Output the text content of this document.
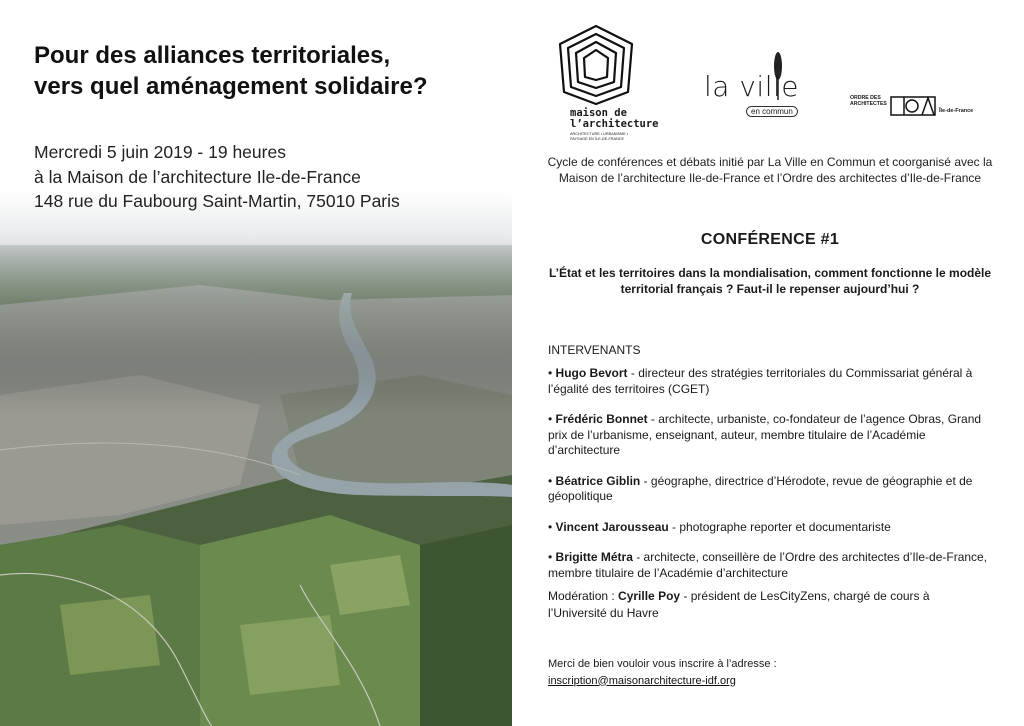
Pour des alliances territoriales,
vers quel aménagement solidaire?
Mercredi 5 juin 2019 - 19 heures
à la Maison de l’architecture Ile-de-France
148 rue du Faubourg Saint-Martin, 75010 Paris
maison de
l’architecture
ARCHITECTURE • URBANISME • PAYSAGE EN ÎLE-DE-FRANCE
la ville
en commun
ORDRE DES ARCHITECTES
Île-de-France
Cycle de conférences et débats initié par La Ville en Commun et coorganisé avec la Maison de l’architecture Ile-de-France et l’Ordre des architectes d’Ile-de-France
CONFÉRENCE #1
L’État et les territoires dans la mondialisation, comment fonctionne le modèle territorial français ? Faut-il le repenser aujourd’hui ?
INTERVENANTS
• Hugo Bevort - directeur des stratégies territoriales du Commissariat général à l’égalité des territoires (CGET)
• Frédéric Bonnet - architecte, urbaniste, co-fondateur de l’agence Obras, Grand prix de l’urbanisme, enseignant, auteur, membre titulaire de l’Académie d’architecture
• Béatrice Giblin - géographe, directrice d’Hérodote, revue de géographie et de géopolitique
• Vincent Jarousseau - photographe reporter et documentariste
• Brigitte Métra - architecte, conseillère de l’Ordre des architectes d’Ile-de-France, membre titulaire de l’Académie d’architecture
Modération : Cyrille Poy - président de LesCityZens, chargé de cours à l’Université du Havre
Merci de bien vouloir vous inscrire à l’adresse :
inscription@maisonarchitecture-idf.org
